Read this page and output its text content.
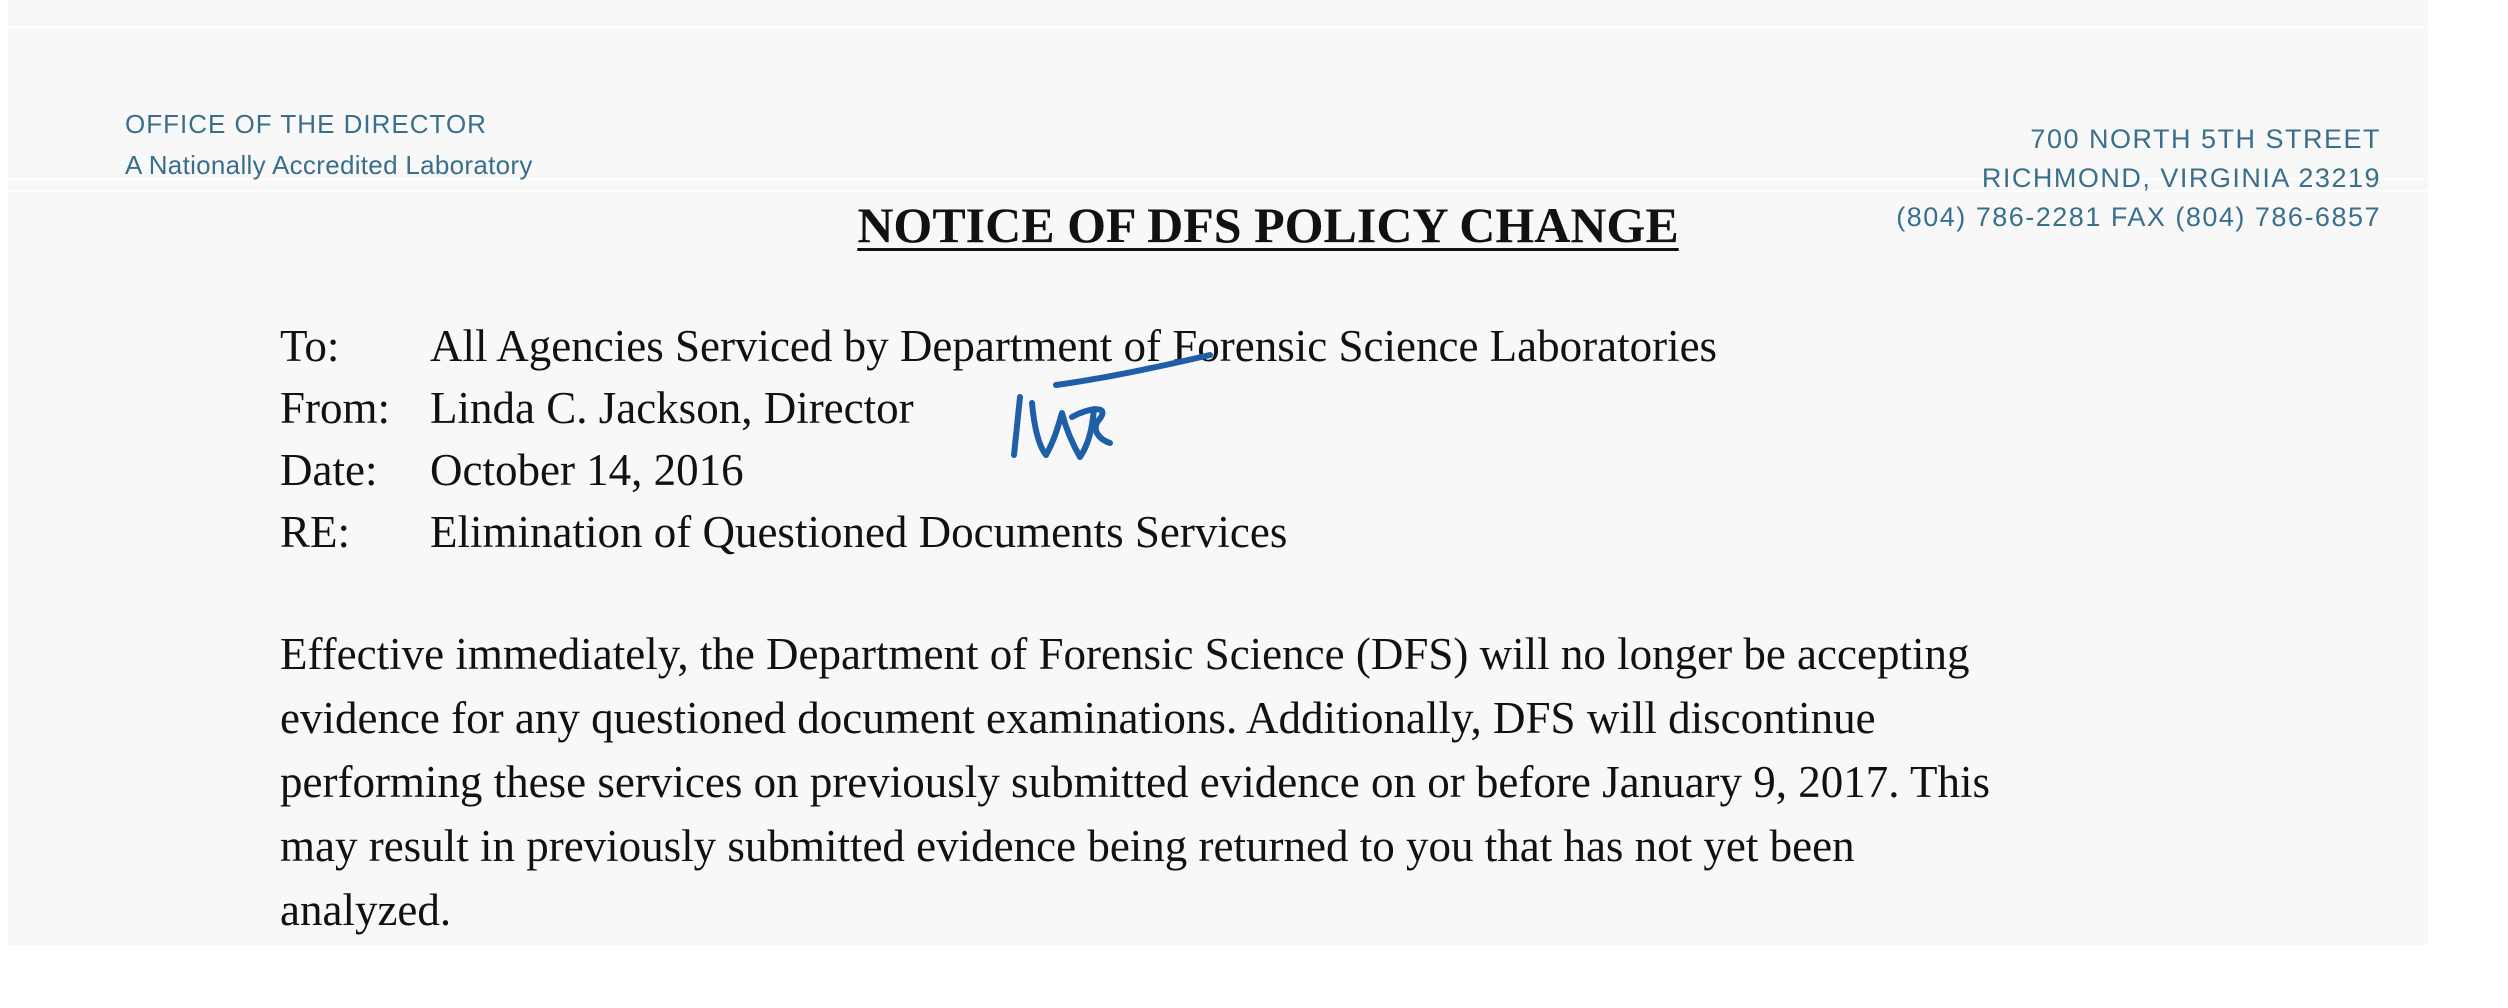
OFFICE OF THE DIRECTOR
A Nationally Accredited Laboratory
700 NORTH 5TH STREET
RICHMOND, VIRGINIA 23219
(804) 786-2281 FAX (804) 786-6857
NOTICE OF DFS POLICY CHANGE
To: All Agencies Serviced by Department of Forensic Science Laboratories
From: Linda C. Jackson, Director
Date: October 14, 2016
RE: Elimination of Questioned Documents Services
Effective immediately, the Department of Forensic Science (DFS) will no longer be accepting
evidence for any questioned document examinations. Additionally, DFS will discontinue
performing these services on previously submitted evidence on or before January 9, 2017. This
may result in previously submitted evidence being returned to you that has not yet been
analyzed.
